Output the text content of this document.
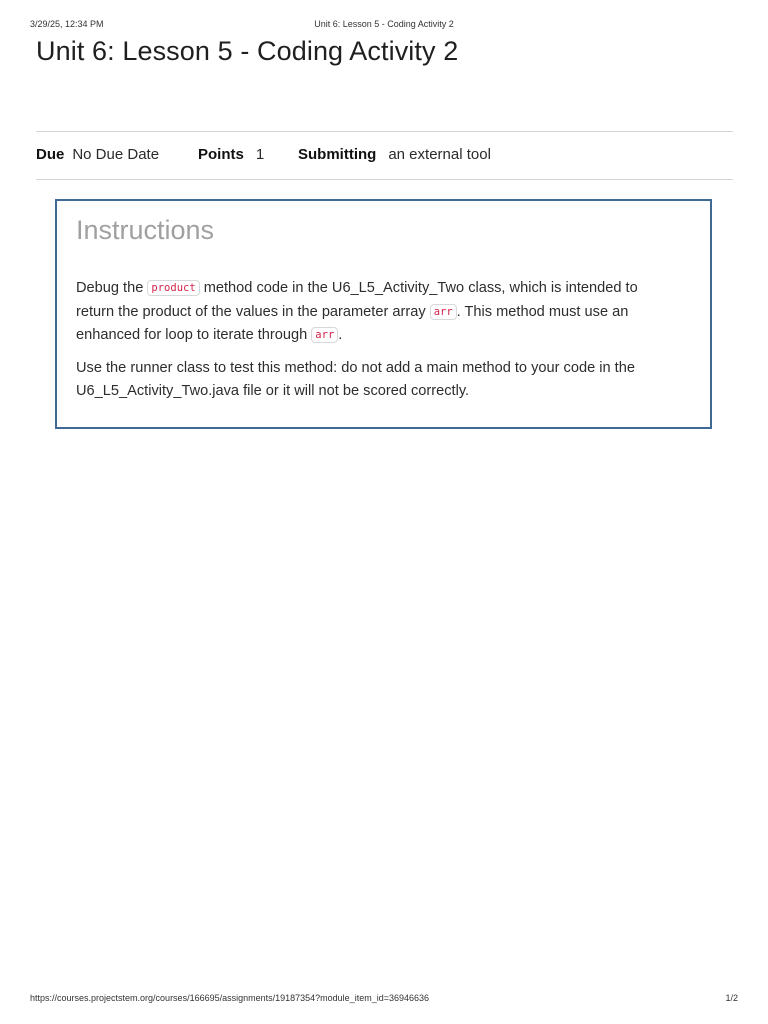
3/29/25, 12:34 PM	Unit 6: Lesson 5 - Coding Activity 2
Unit 6: Lesson 5 - Coding Activity 2
Due No Due Date	Points 1 Submitting an external tool
Instructions

Debug the product method code in the U6_L5_Activity_Two class, which is intended to return the product of the values in the parameter array arr . This method must use an enhanced for loop to iterate through arr .

Use the runner class to test this method: do not add a main method to your code in the U6_L5_Activity_Two.java file or it will not be scored correctly.

https://courses.projectstem.org/courses/166695/assignments/19187354?module_item_id=36946636	1/2
